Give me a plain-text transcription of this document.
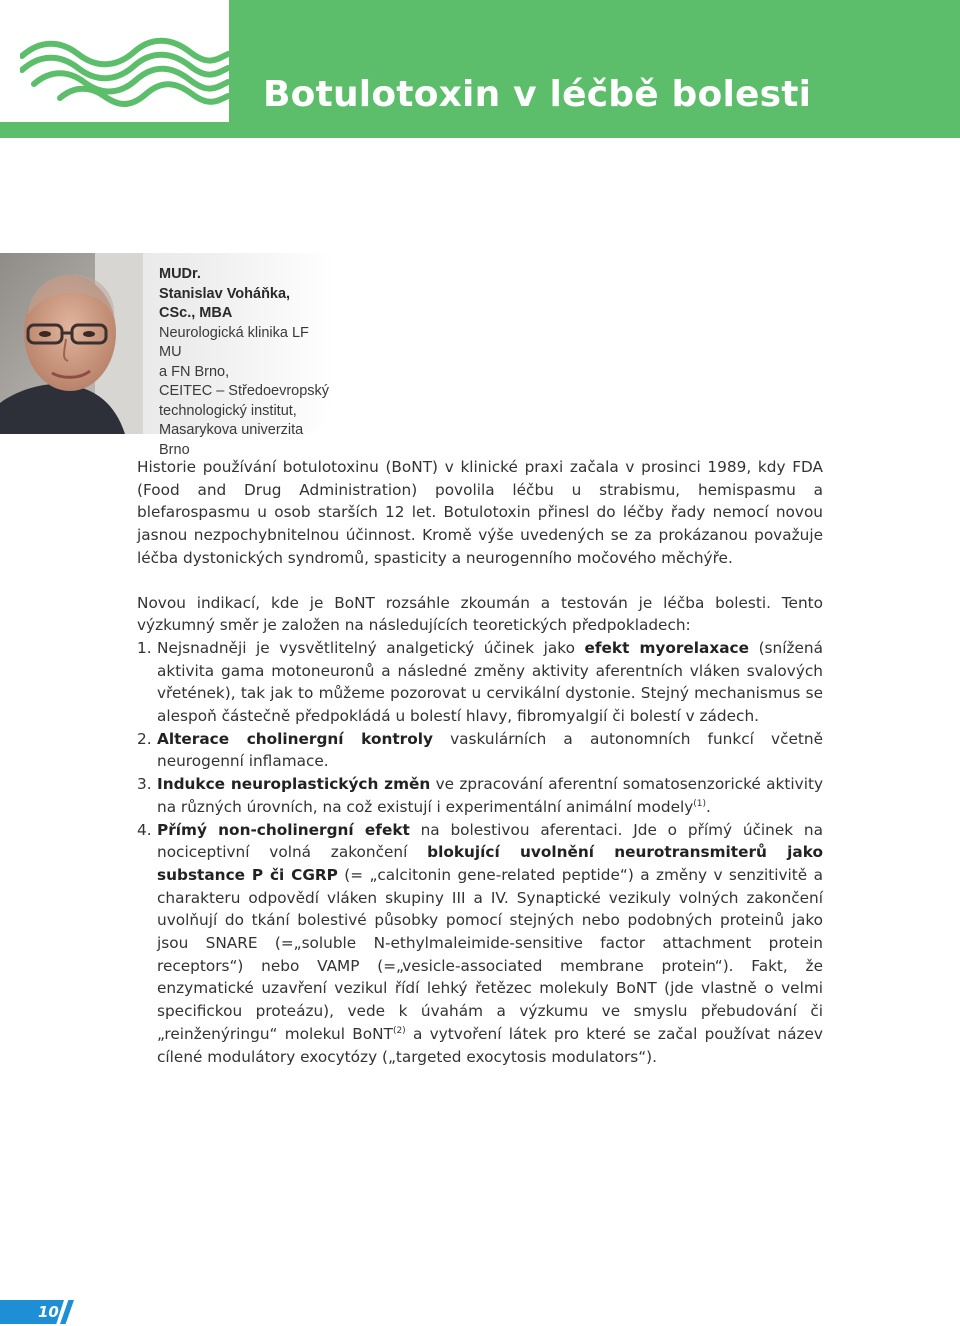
Botulotoxin v léčbě bolesti
MUDr.
Stanislav Voháňka,
CSc., MBA
Neurologická klinika LF MU
a FN Brno,
CEITEC – Středoevropský
technologický institut,
Masarykova univerzita Brno

Historie používání botulotoxinu (BoNT) v klinické praxi začala v prosinci 1989, kdy FDA (Food and Drug Administration) povolila léčbu u strabismu, hemispasmu a blefarospasmu u osob starších 12 let. Botulotoxin přinesl do léčby řady nemocí novou jasnou nezpochybnitelnou účinnost. Kromě výše uvedených se za prokázanou považuje léčba dystonických syndromů, spasticity a neurogenního močového měchýře.

Novou indikací, kde je BoNT rozsáhle zkoumán a testován je léčba bolesti. Tento výzkumný směr je založen na následujících teoretických předpokladech:

1. Nejsnadněji je vysvětlitelný analgetický účinek jako efekt myorelaxace (snížená aktivita gama motoneuronů a následné změny aktivity aferentních vláken svalových vřetének), tak jak to můžeme pozorovat u cervikální dystonie. Stejný mechanismus se alespoň částečně předpokládá u bolestí hlavy, fibromyalgií či bolestí v zádech.
2. Alterace cholinergní kontroly vaskulárních a autonomních funkcí včetně neurogenní inflamace.
3. Indukce neuroplastických změn ve zpracování aferentní somatosenzorické aktivity na různých úrovních, na což existují i experimentální animální modely$^{(1)}$.
4. Přímý non-cholinergní efekt na bolestivou aferentaci. Jde o přímý účinek na nociceptivní volná zakončení blokující uvolnění neurotransmiterů jako substance P či CGRP (= „calcitonin gene-related peptide“) a změny v senzitivitě a charakteru odpovědí vláken skupiny III a IV. Synaptické vezikuly volných zakončení uvolňují do tkání bolestivé působky pomocí stejných nebo podobných proteinů jako jsou SNARE (=„soluble N-ethylmaleimide-sensitive factor attachment protein receptors“) nebo VAMP (=„vesicle-associated membrane protein“). Fakt, že enzymatické uzavření vezikul řídí lehký řetězec molekuly BoNT (jde vlastně o velmi specifickou proteázu), vede k úvahám a výzkumu ve smyslu přebudování či „reinženýringu“ molekul BoNT$^{(2)}$ a vytvoření látek pro které se začal používat název cílené modulátory exocytózy („targeted exocytosis modulators“).
10
